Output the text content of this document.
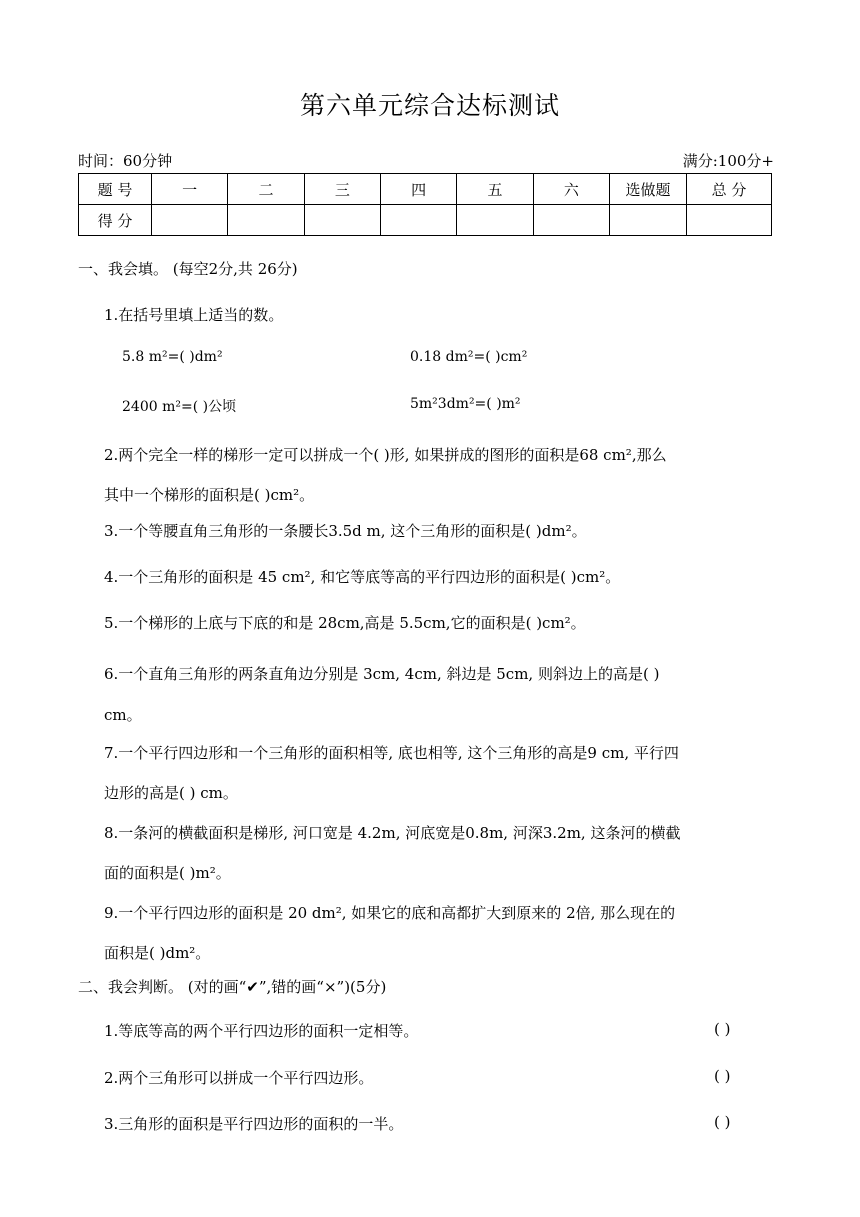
第六单元综合达标测试
时间：60分钟	满分:100分+
题 号	一	二	三	四	五	六	选做题	总 分
得 分								
一、我会填。 (每空2分,共 26分)
1.在括号里填上适当的数。
5.8 m²=( )dm²	0.18 dm²=( )cm²
2400 m²=( )公顷	5m²3dm²=( )m²
2.两个完全一样的梯形一定可以拼成一个( )形, 如果拼成的图形的面积是68 cm²,那么
其中一个梯形的面积是( )cm²。
3.一个等腰直角三角形的一条腰长3.5d m, 这个三角形的面积是( )dm²。
4.一个三角形的面积是 45 cm², 和它等底等高的平行四边形的面积是( )cm²。
5.一个梯形的上底与下底的和是 28cm,高是 5.5cm,它的面积是( )cm²。
6.一个直角三角形的两条直角边分别是 3cm, 4cm, 斜边是 5cm, 则斜边上的高是( )
cm。
7.一个平行四边形和一个三角形的面积相等, 底也相等, 这个三角形的高是9 cm, 平行四
边形的高是( ) cm。
8.一条河的横截面积是梯形, 河口宽是 4.2m, 河底宽是0.8m, 河深3.2m, 这条河的横截
面的面积是( )m²。
9.一个平行四边形的面积是 20 dm², 如果它的底和高都扩大到原来的 2倍, 那么现在的
面积是( )dm²。
二、我会判断。 (对的画“✔”,错的画“×”)(5分)
1.等底等高的两个平行四边形的面积一定相等。	( )
2.两个三角形可以拼成一个平行四边形。	( )
3.三角形的面积是平行四边形的面积的一半。	( )
